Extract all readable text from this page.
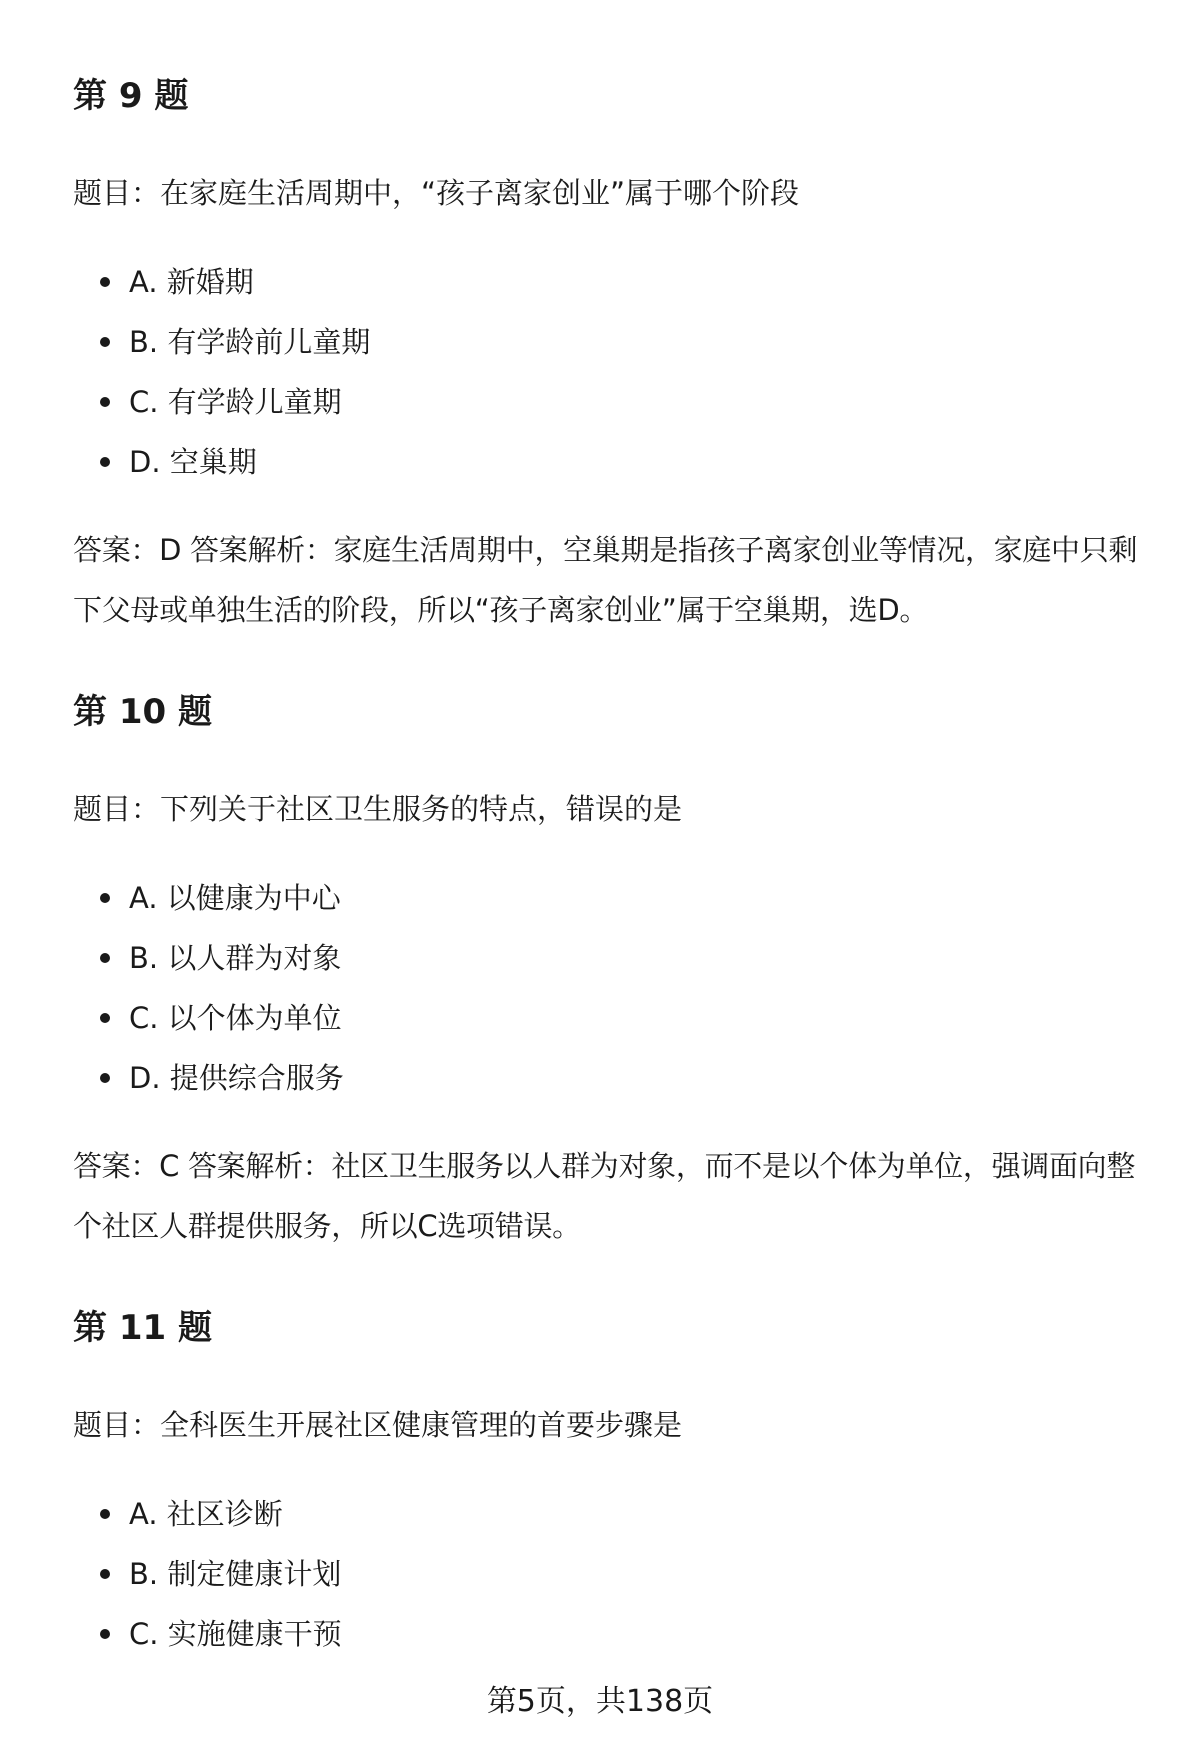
第 9 题

题目：在家庭生活周期中，“孩子离家创业”属于哪个阶段

A. 新婚期
B. 有学龄前儿童期
C. 有学龄儿童期
D. 空巢期

答案：D 答案解析：家庭生活周期中，空巢期是指孩子离家创业等情况，家庭中只剩下父母或单独生活的阶段，所以“孩子离家创业”属于空巢期，选D。

第 10 题

题目：下列关于社区卫生服务的特点，错误的是

A. 以健康为中心
B. 以人群为对象
C. 以个体为单位
D. 提供综合服务

答案：C 答案解析：社区卫生服务以人群为对象，而不是以个体为单位，强调面向整个社区人群提供服务，所以C选项错误。

第 11 题

题目：全科医生开展社区健康管理的首要步骤是

A. 社区诊断
B. 制定健康计划
C. 实施健康干预
第5页，共138页
